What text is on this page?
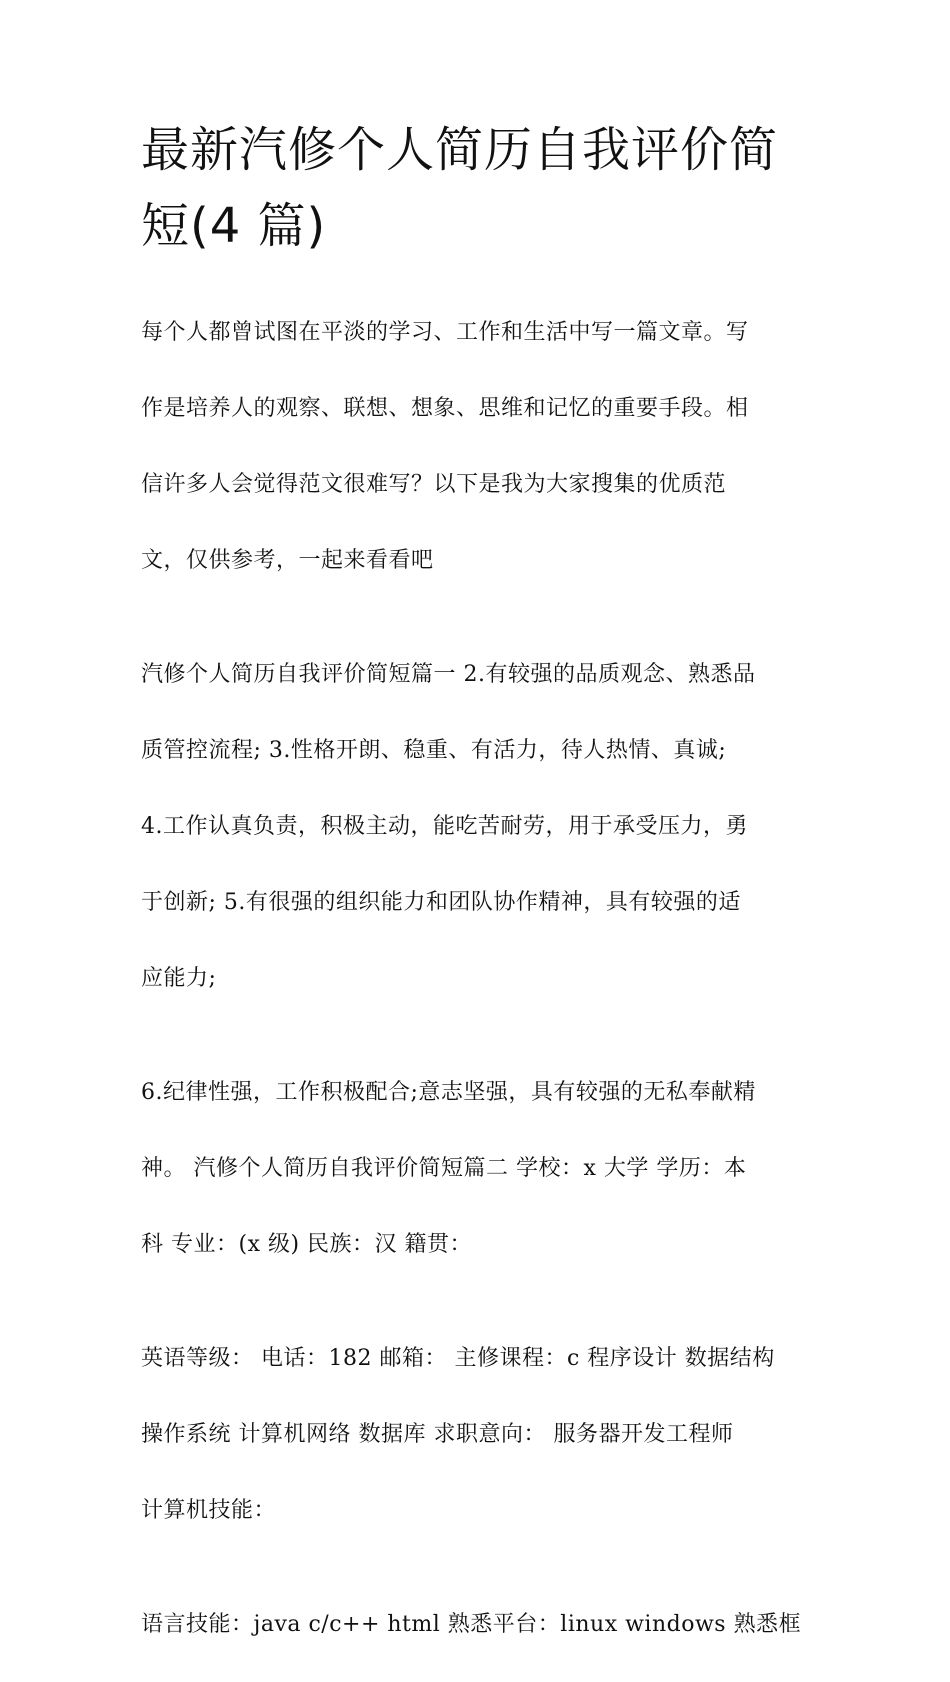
最新汽修个人简历自我评价简
短(4 篇)

每个人都曾试图在平淡的学习、工作和生活中写一篇文章。写

作是培养人的观察、联想、想象、思维和记忆的重要手段。相

信许多人会觉得范文很难写？以下是我为大家搜集的优质范

文，仅供参考，一起来看看吧

汽修个人简历自我评价简短篇一 2.有较强的品质观念、熟悉品

质管控流程; 3.性格开朗、稳重、有活力，待人热情、真诚;

4.工作认真负责，积极主动，能吃苦耐劳，用于承受压力，勇

于创新; 5.有很强的组织能力和团队协作精神，具有较强的适

应能力;

6.纪律性强，工作积极配合;意志坚强，具有较强的无私奉献精

神。 汽修个人简历自我评价简短篇二 学校：x 大学 学历：本

科 专业：(x 级) 民族：汉 籍贯：

英语等级： 电话：182 邮箱： 主修课程：c 程序设计 数据结构

操作系统 计算机网络 数据库 求职意向： 服务器开发工程师

计算机技能：

语言技能：java c/c++ html 熟悉平台：linux windows 熟悉框
